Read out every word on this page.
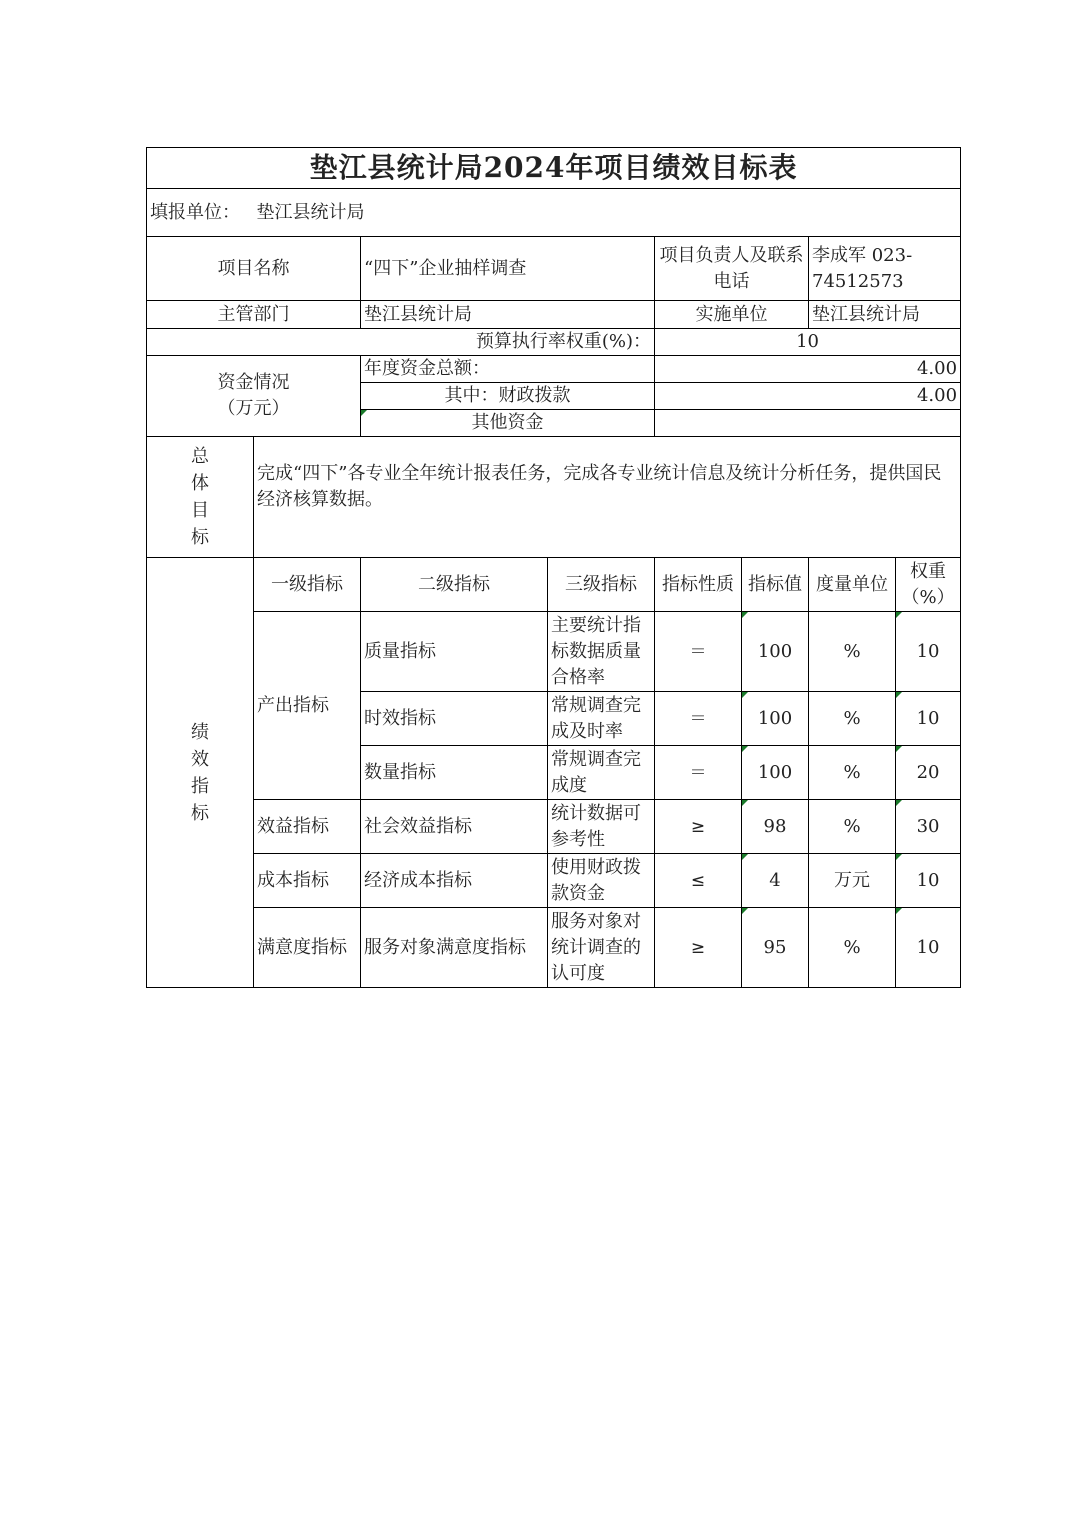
垫江县统计局2024年项目绩效目标表							
填报单位：	垫江县统计局						
项目名称		“四下”企业抽样调查		项目负责人及联系电话		李成军 023-74512573	
主管部门		垫江县统计局		实施单位		垫江县统计局	
预算执行率权重(%)：				10			

资金情况
（万元）		年度资金总额：		4.00			
		其中：财政拨款		4.00			
		其他资金					

总
体
目
标	完成“四下”各专业全年统计报表任务，完成各专业统计信息及统计分析任务，提供国民经济核算数据。						

绩
效
指
标	一级指标	二级指标	三级指标	指标性质	指标值	度量单位	权重（%）
	产出指标	质量指标	主要统计指标数据质量合格率	＝	100	%	10
		时效指标	常规调查完成及时率	＝	100	%	10
		数量指标	常规调查完成度	＝	100	%	20
	效益指标	社会效益指标	统计数据可参考性	≥	98	%	30
	成本指标	经济成本指标	使用财政拨款资金	≤	4	万元	10
	满意度指标	服务对象满意度指标	服务对象对统计调查的认可度	≥	95	%	10
